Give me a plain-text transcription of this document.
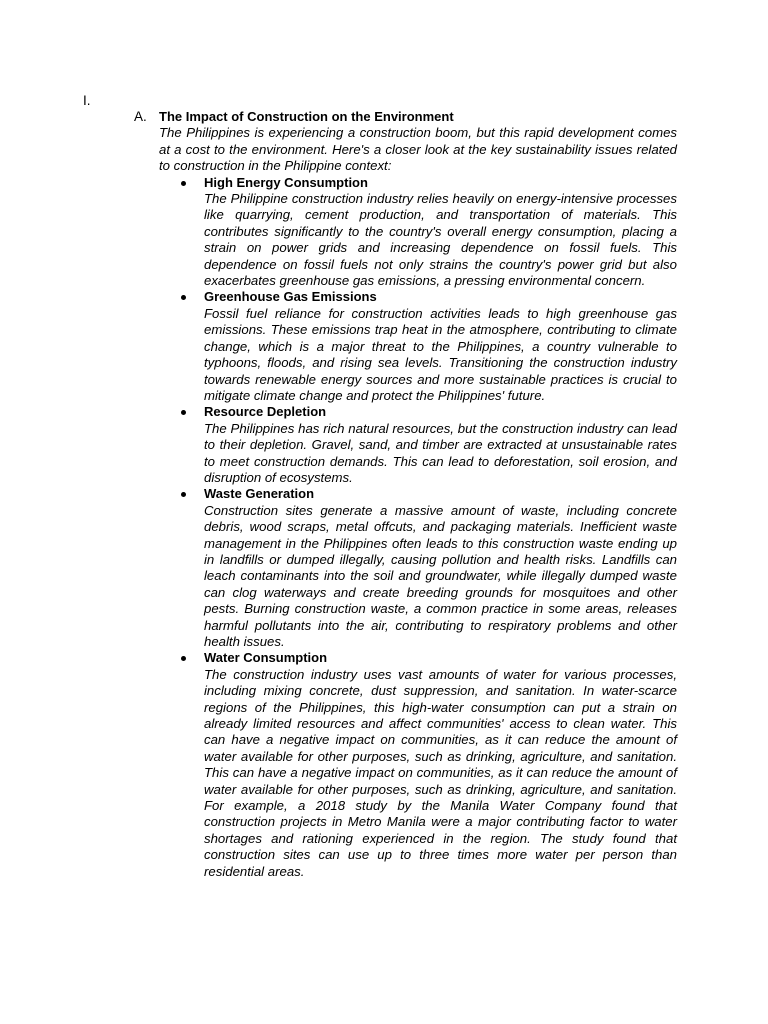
I.
A. The Impact of Construction on the Environment

The Philippines is experiencing a construction boom, but this rapid development comes at a cost to the environment. Here's a closer look at the key sustainability issues related to construction in the Philippine context:

High Energy Consumption

The Philippine construction industry relies heavily on energy-intensive processes like quarrying, cement production, and transportation of materials. This contributes significantly to the country's overall energy consumption, placing a strain on power grids and increasing dependence on fossil fuels. This dependence on fossil fuels not only strains the country's power grid but also exacerbates greenhouse gas emissions, a pressing environmental concern.

Greenhouse Gas Emissions

Fossil fuel reliance for construction activities leads to high greenhouse gas emissions. These emissions trap heat in the atmosphere, contributing to climate change, which is a major threat to the Philippines, a country vulnerable to typhoons, floods, and rising sea levels. Transitioning the construction industry towards renewable energy sources and more sustainable practices is crucial to mitigate climate change and protect the Philippines' future.

Resource Depletion

The Philippines has rich natural resources, but the construction industry can lead to their depletion. Gravel, sand, and timber are extracted at unsustainable rates to meet construction demands. This can lead to deforestation, soil erosion, and disruption of ecosystems.

Waste Generation

Construction sites generate a massive amount of waste, including concrete debris, wood scraps, metal offcuts, and packaging materials. Inefficient waste management in the Philippines often leads to this construction waste ending up in landfills or dumped illegally, causing pollution and health risks. Landfills can leach contaminants into the soil and groundwater, while illegally dumped waste can clog waterways and create breeding grounds for mosquitoes and other pests. Burning construction waste, a common practice in some areas, releases harmful pollutants into the air, contributing to respiratory problems and other health issues.

Water Consumption

The construction industry uses vast amounts of water for various processes, including mixing concrete, dust suppression, and sanitation. In water-scarce regions of the Philippines, this high-water consumption can put a strain on already limited resources and affect communities' access to clean water. This can have a negative impact on communities, as it can reduce the amount of water available for other purposes, such as drinking, agriculture, and sanitation. This can have a negative impact on communities, as it can reduce the amount of water available for other purposes, such as drinking, agriculture, and sanitation. For example, a 2018 study by the Manila Water Company found that construction projects in Metro Manila were a major contributing factor to water shortages and rationing experienced in the region. The study found that construction sites can use up to three times more water per person than residential areas.
